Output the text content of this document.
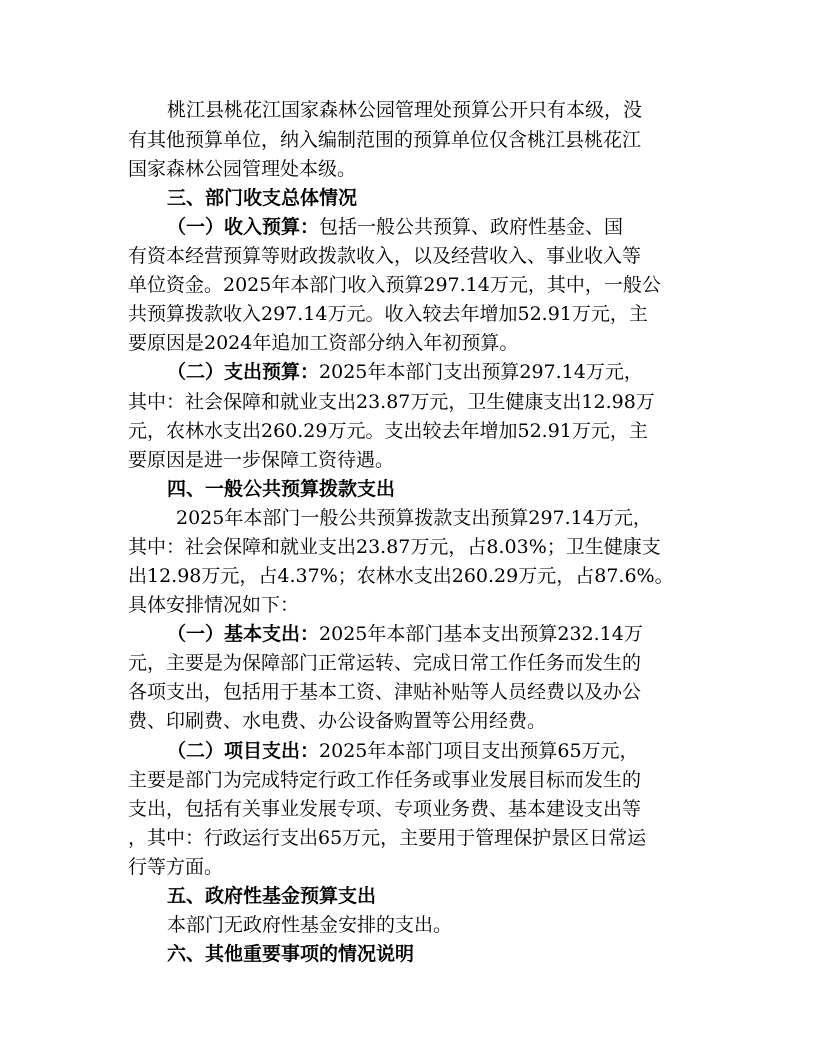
桃江县桃花江国家森林公园管理处预算公开只有本级，没
有其他预算单位，纳入编制范围的预算单位仅含桃江县桃花江
国家森林公园管理处本级。
三、部门收支总体情况
（一）收入预算：包括一般公共预算、政府性基金、国
有资本经营预算等财政拨款收入，以及经营收入、事业收入等
单位资金。2025年本部门收入预算297.14万元，其中，一般公
共预算拨款收入297.14万元。收入较去年增加52.91万元，主
要原因是2024年追加工资部分纳入年初预算。
（二）支出预算：2025年本部门支出预算297.14万元，
其中：社会保障和就业支出23.87万元，卫生健康支出12.98万
元，农林水支出260.29万元。支出较去年增加52.91万元，主
要原因是进一步保障工资待遇。
四、一般公共预算拨款支出
2025年本部门一般公共预算拨款支出预算297.14万元，
其中：社会保障和就业支出23.87万元，占8.03%；卫生健康支
出12.98万元，占4.37%；农林水支出260.29万元，占87.6%。
具体安排情况如下：
（一）基本支出：2025年本部门基本支出预算232.14万
元，主要是为保障部门正常运转、完成日常工作任务而发生的
各项支出，包括用于基本工资、津贴补贴等人员经费以及办公
费、印刷费、水电费、办公设备购置等公用经费。
（二）项目支出：2025年本部门项目支出预算65万元，
主要是部门为完成特定行政工作任务或事业发展目标而发生的
支出，包括有关事业发展专项、专项业务费、基本建设支出等
，其中：行政运行支出65万元，主要用于管理保护景区日常运
行等方面。
五、政府性基金预算支出
本部门无政府性基金安排的支出。
六、其他重要事项的情况说明
